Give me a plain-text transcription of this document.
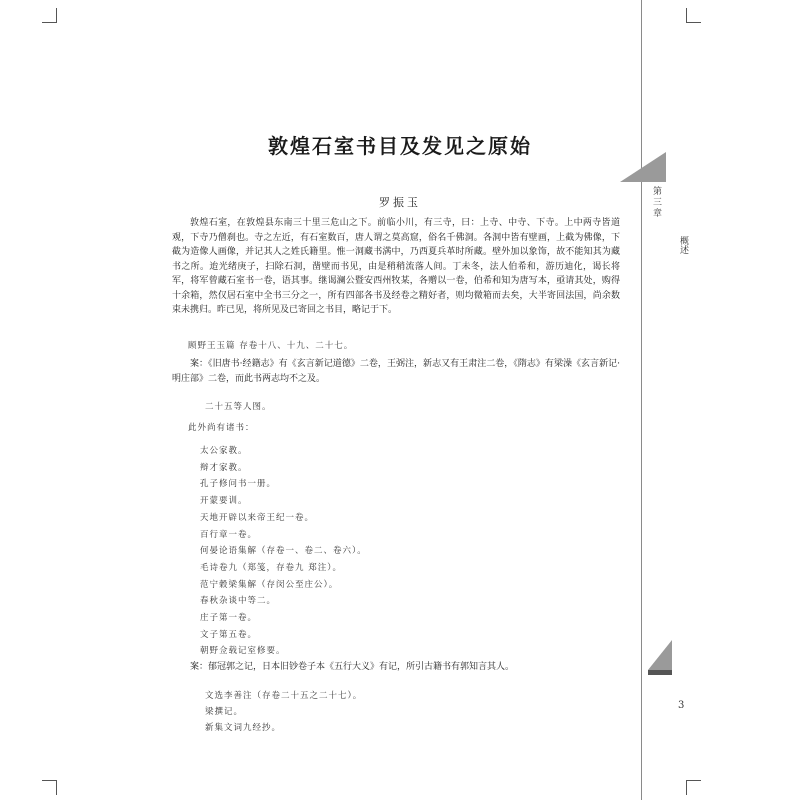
第三章
概述
3
敦煌石室书目及发见之原始
罗振玉

敦煌石室，在敦煌县东南三十里三危山之下。前临小川，有三寺，曰：上寺、中寺、下寺。上中两寺皆道观，下寺乃僧刹也。寺之左近，有石室数百，唐人谓之莫高窟，俗名千佛洞。各洞中皆有壁画，上截为佛像，下截为造像人画像，并记其人之姓氏籍里。惟一洞藏书满中，乃西夏兵革时所藏。壁外加以象饰，故不能知其为藏书之所。迨光绪庚子，扫除石洞，凿壁而书见，由是稍稍流落人间。丁未冬，法人伯希和，游历迪化，谒长将军，将军曾藏石室书一卷，语其事。继谒澜公暨安西州牧某，各赠以一卷，伯希和知为唐写本，亟请其处，购得十余箱，然仅居石室中全书三分之一，所有四部各书及经卷之精好者，则均微箱而去矣，大半寄回法国，尚余数束未携归。昨已见，将所见及已寄回之书目，略记于下。

顾野王玉篇 存卷十八、十九、二十七。

案：《旧唐书·经籍志》有《玄言新记道德》二卷，王弼注，新志又有王肃注二卷，《隋志》有梁澡《玄言新记·明庄部》二卷，而此书两志均不之及。

二十五等人图。
此外尚有诸书：
太公家教。
辩才家教。
孔子修问书一册。
开蒙要训。
天地开辟以来帝王纪一卷。
百行章一卷。
何晏论语集解（存卷一、卷二、卷六）。
毛诗卷九（郑笺，存卷九 郑注）。
范宁穀梁集解（存闵公至庄公）。
春秋杂谈中等二。
庄子第一卷。
文子第五卷。
朝野佥载记室修要。

案：郁冠郭之记，日本旧钞卷子本《五行大义》有记，所引古籍书有郭知言其人。

文选李善注（存卷二十五之二十七）。
梁撰记。
新集文词九经抄。
